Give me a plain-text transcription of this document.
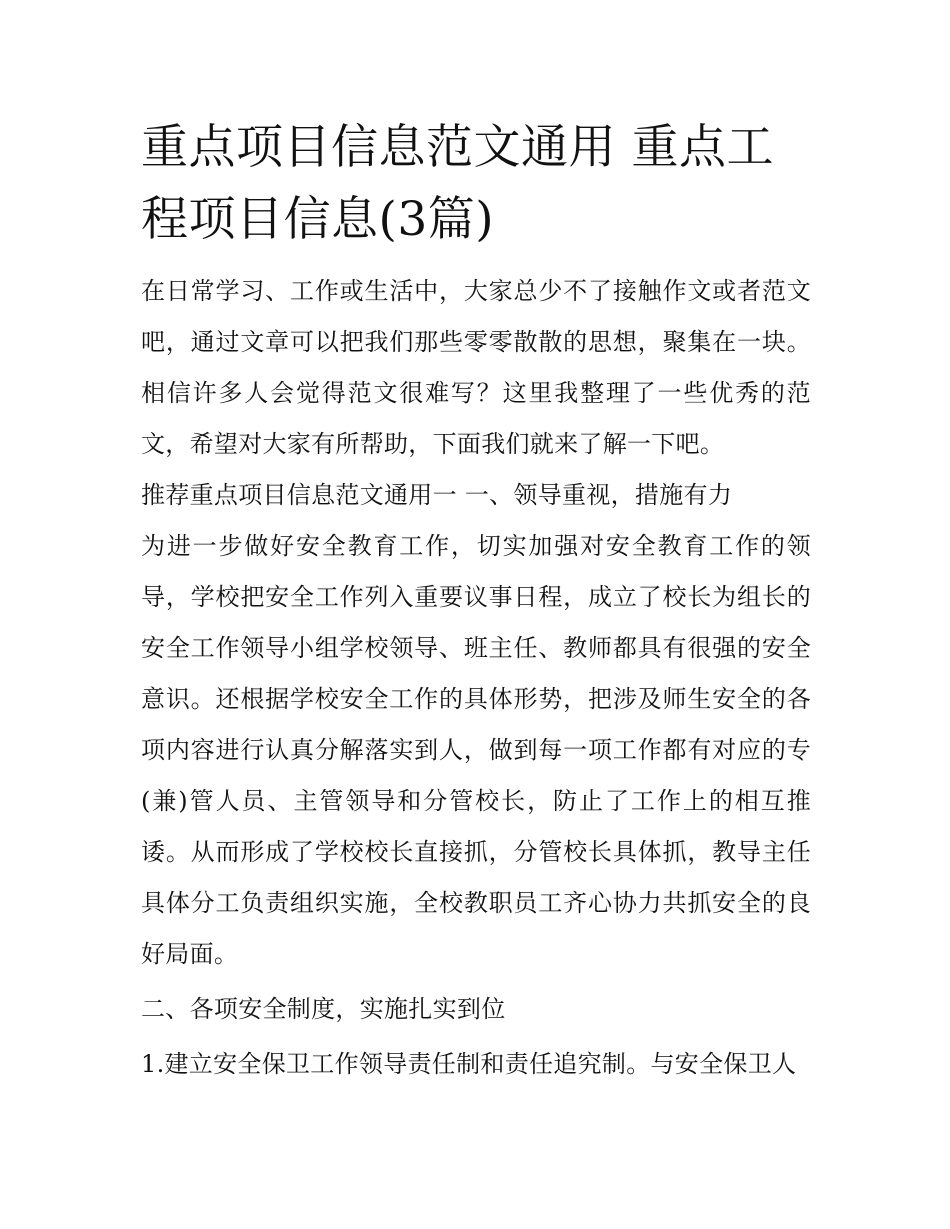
重点项目信息范文通用 重点工程项目信息(3篇)

在日常学习、工作或生活中，大家总少不了接触作文或者范文吧，通过文章可以把我们那些零零散散的思想，聚集在一块。相信许多人会觉得范文很难写？这里我整理了一些优秀的范文，希望对大家有所帮助，下面我们就来了解一下吧。

推荐重点项目信息范文通用一 一、领导重视，措施有力

为进一步做好安全教育工作，切实加强对安全教育工作的领导，学校把安全工作列入重要议事日程，成立了校长为组长的安全工作领导小组学校领导、班主任、教师都具有很强的安全意识。还根据学校安全工作的具体形势，把涉及师生安全的各项内容进行认真分解落实到人，做到每一项工作都有对应的专(兼)管人员、主管领导和分管校长，防止了工作上的相互推诿。从而形成了学校校长直接抓，分管校长具体抓，教导主任具体分工负责组织实施，全校教职员工齐心协力共抓安全的良好局面。

二、各项安全制度，实施扎实到位

1.建立安全保卫工作领导责任制和责任追究制。与安全保卫人
